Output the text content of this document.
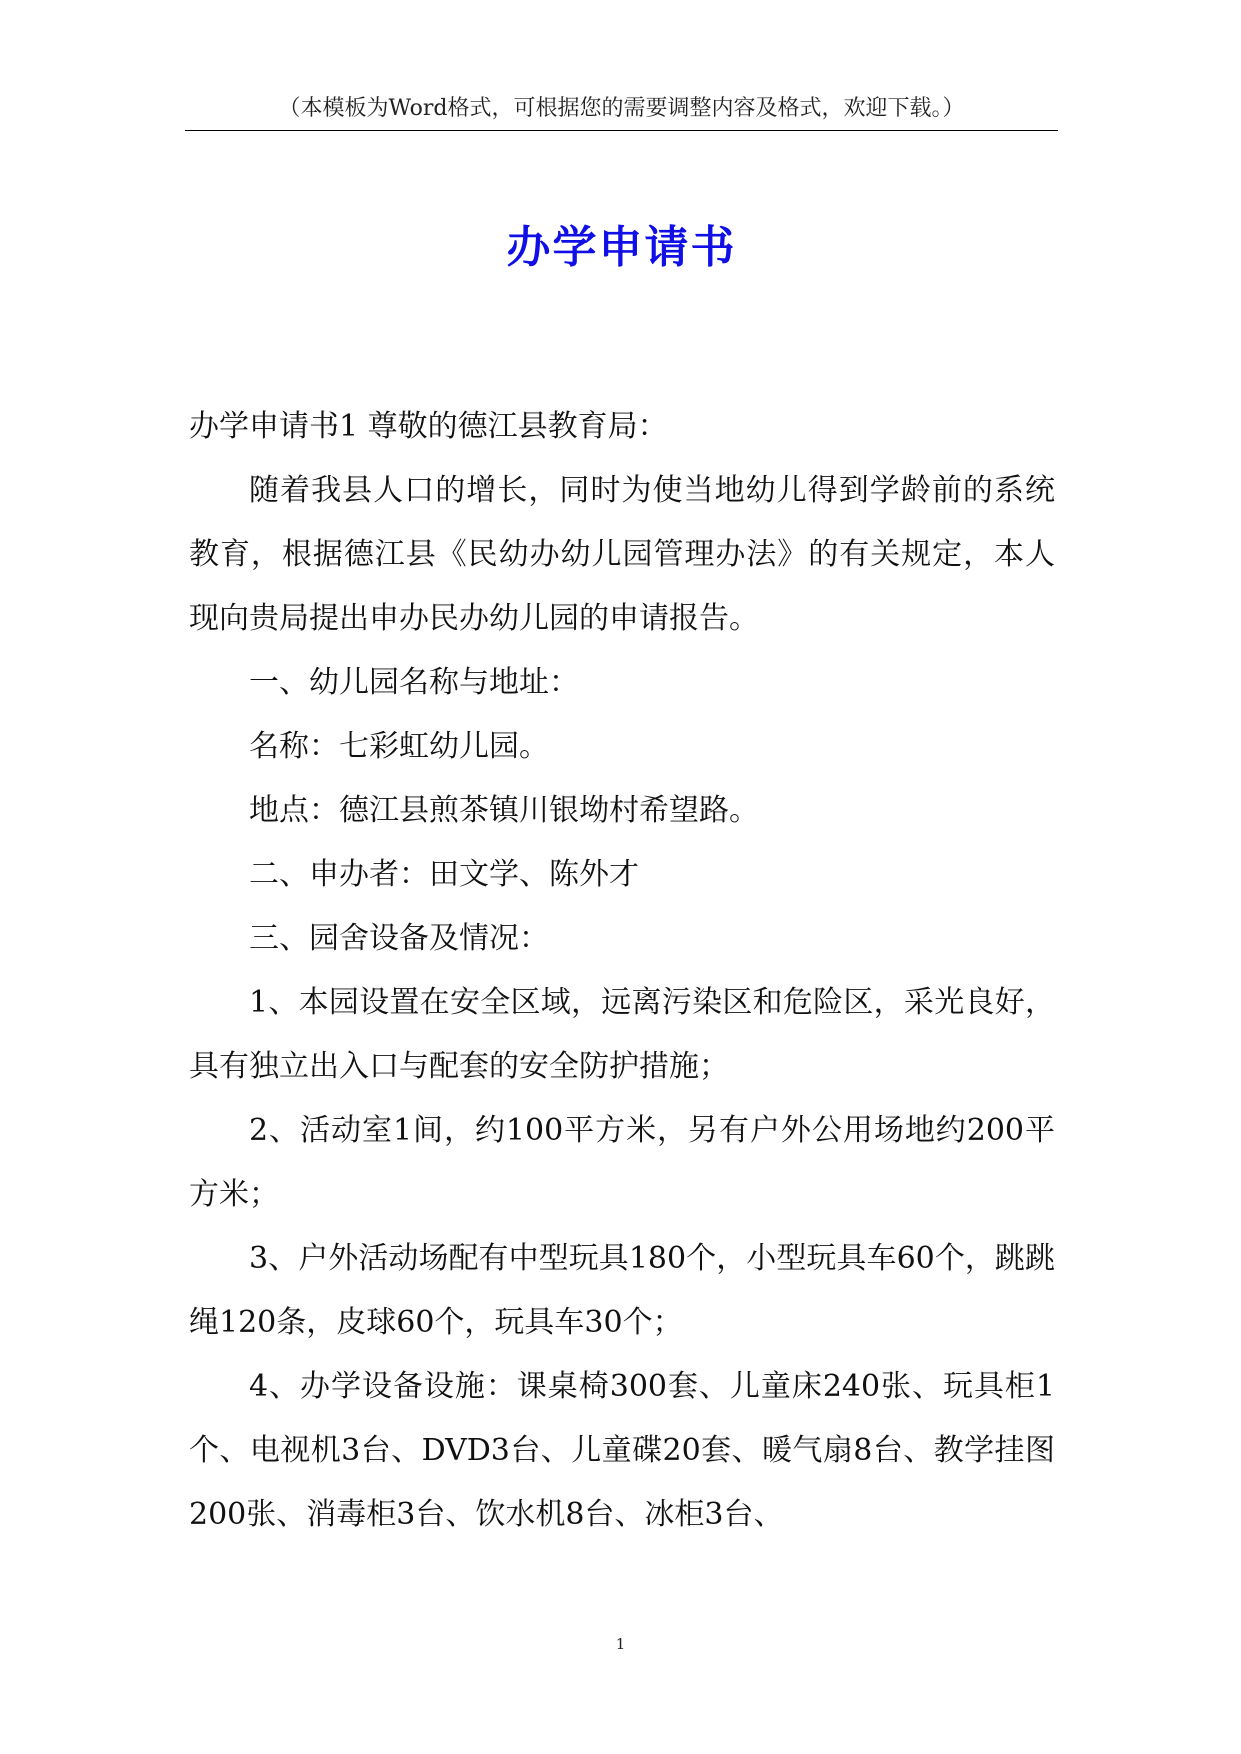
（本模板为Word格式，可根据您的需要调整内容及格式，欢迎下载。）
办学申请书

办学申请书1 尊敬的德江县教育局：

随着我县人口的增长，同时为使当地幼儿得到学龄前的系统教育，根据德江县《民幼办幼儿园管理办法》的有关规定，本人现向贵局提出申办民办幼儿园的申请报告。

一、幼儿园名称与地址：

名称：七彩虹幼儿园。

地点：德江县煎茶镇川银坳村希望路。

二、申办者：田文学、陈外才

三、园舍设备及情况：

1、本园设置在安全区域，远离污染区和危险区，采光良好，具有独立出入口与配套的安全防护措施；

2、活动室1间，约100平方米，另有户外公用场地约200平方米；

3、户外活动场配有中型玩具180个，小型玩具车60个，跳跳绳120条，皮球60个，玩具车30个；

4、办学设备设施：课桌椅300套、儿童床240张、玩具柜1个、电视机3台、DVD3台、儿童碟20套、暖气扇8台、教学挂图200张、消毒柜3台、饮水机8台、冰柜3台、

1
